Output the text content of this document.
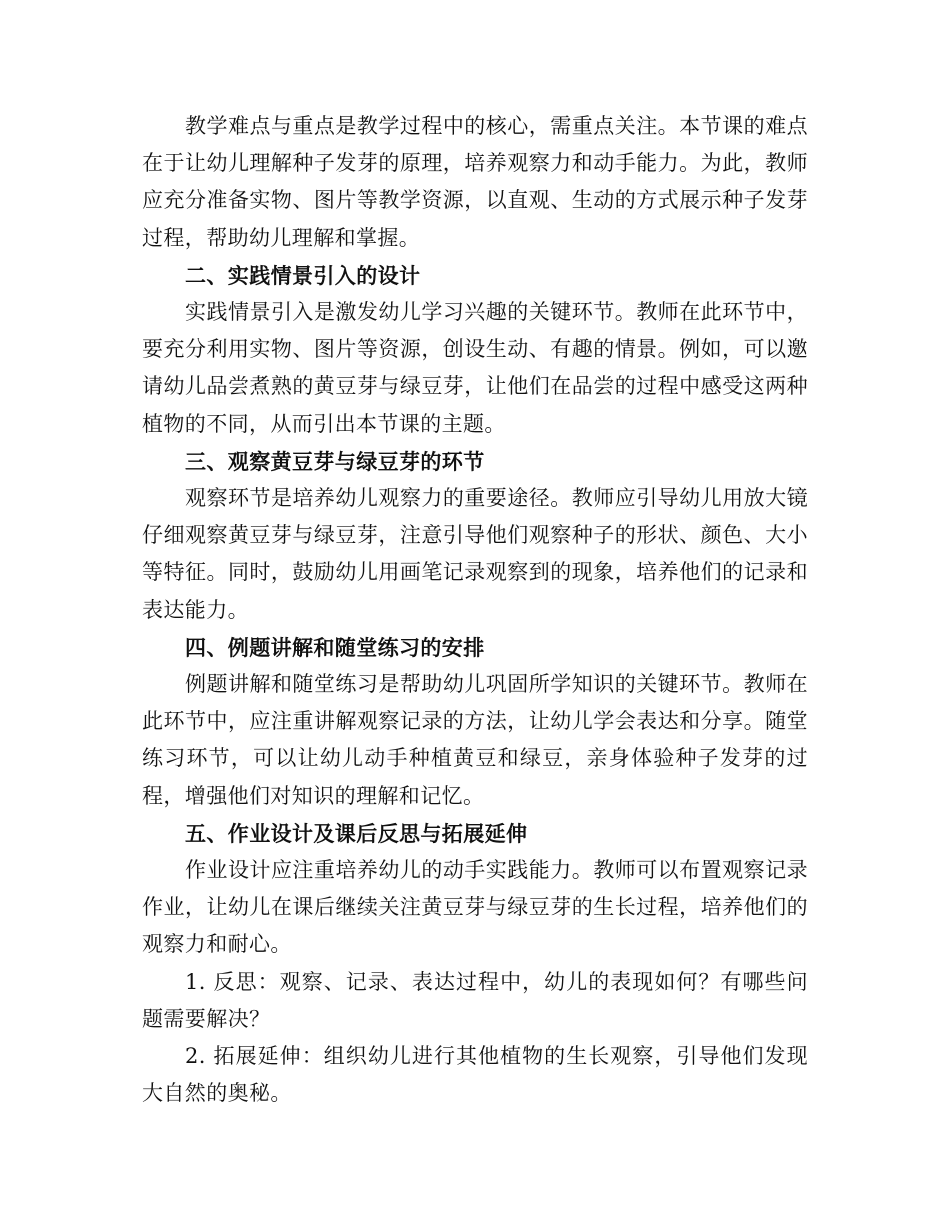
教学难点与重点是教学过程中的核心，需重点关注。本节课的难点在于让幼儿理解种子发芽的原理，培养观察力和动手能力。为此，教师应充分准备实物、图片等教学资源，以直观、生动的方式展示种子发芽过程，帮助幼儿理解和掌握。

二、实践情景引入的设计

实践情景引入是激发幼儿学习兴趣的关键环节。教师在此环节中，要充分利用实物、图片等资源，创设生动、有趣的情景。例如，可以邀请幼儿品尝煮熟的黄豆芽与绿豆芽，让他们在品尝的过程中感受这两种植物的不同，从而引出本节课的主题。

三、观察黄豆芽与绿豆芽的环节

观察环节是培养幼儿观察力的重要途径。教师应引导幼儿用放大镜仔细观察黄豆芽与绿豆芽，注意引导他们观察种子的形状、颜色、大小等特征。同时，鼓励幼儿用画笔记录观察到的现象，培养他们的记录和表达能力。

四、例题讲解和随堂练习的安排

例题讲解和随堂练习是帮助幼儿巩固所学知识的关键环节。教师在此环节中，应注重讲解观察记录的方法，让幼儿学会表达和分享。随堂练习环节，可以让幼儿动手种植黄豆和绿豆，亲身体验种子发芽的过程，增强他们对知识的理解和记忆。

五、作业设计及课后反思与拓展延伸

作业设计应注重培养幼儿的动手实践能力。教师可以布置观察记录作业，让幼儿在课后继续关注黄豆芽与绿豆芽的生长过程，培养他们的观察力和耐心。

1. 反思：观察、记录、表达过程中，幼儿的表现如何？有哪些问题需要解决？

2. 拓展延伸：组织幼儿进行其他植物的生长观察，引导他们发现大自然的奥秘。
